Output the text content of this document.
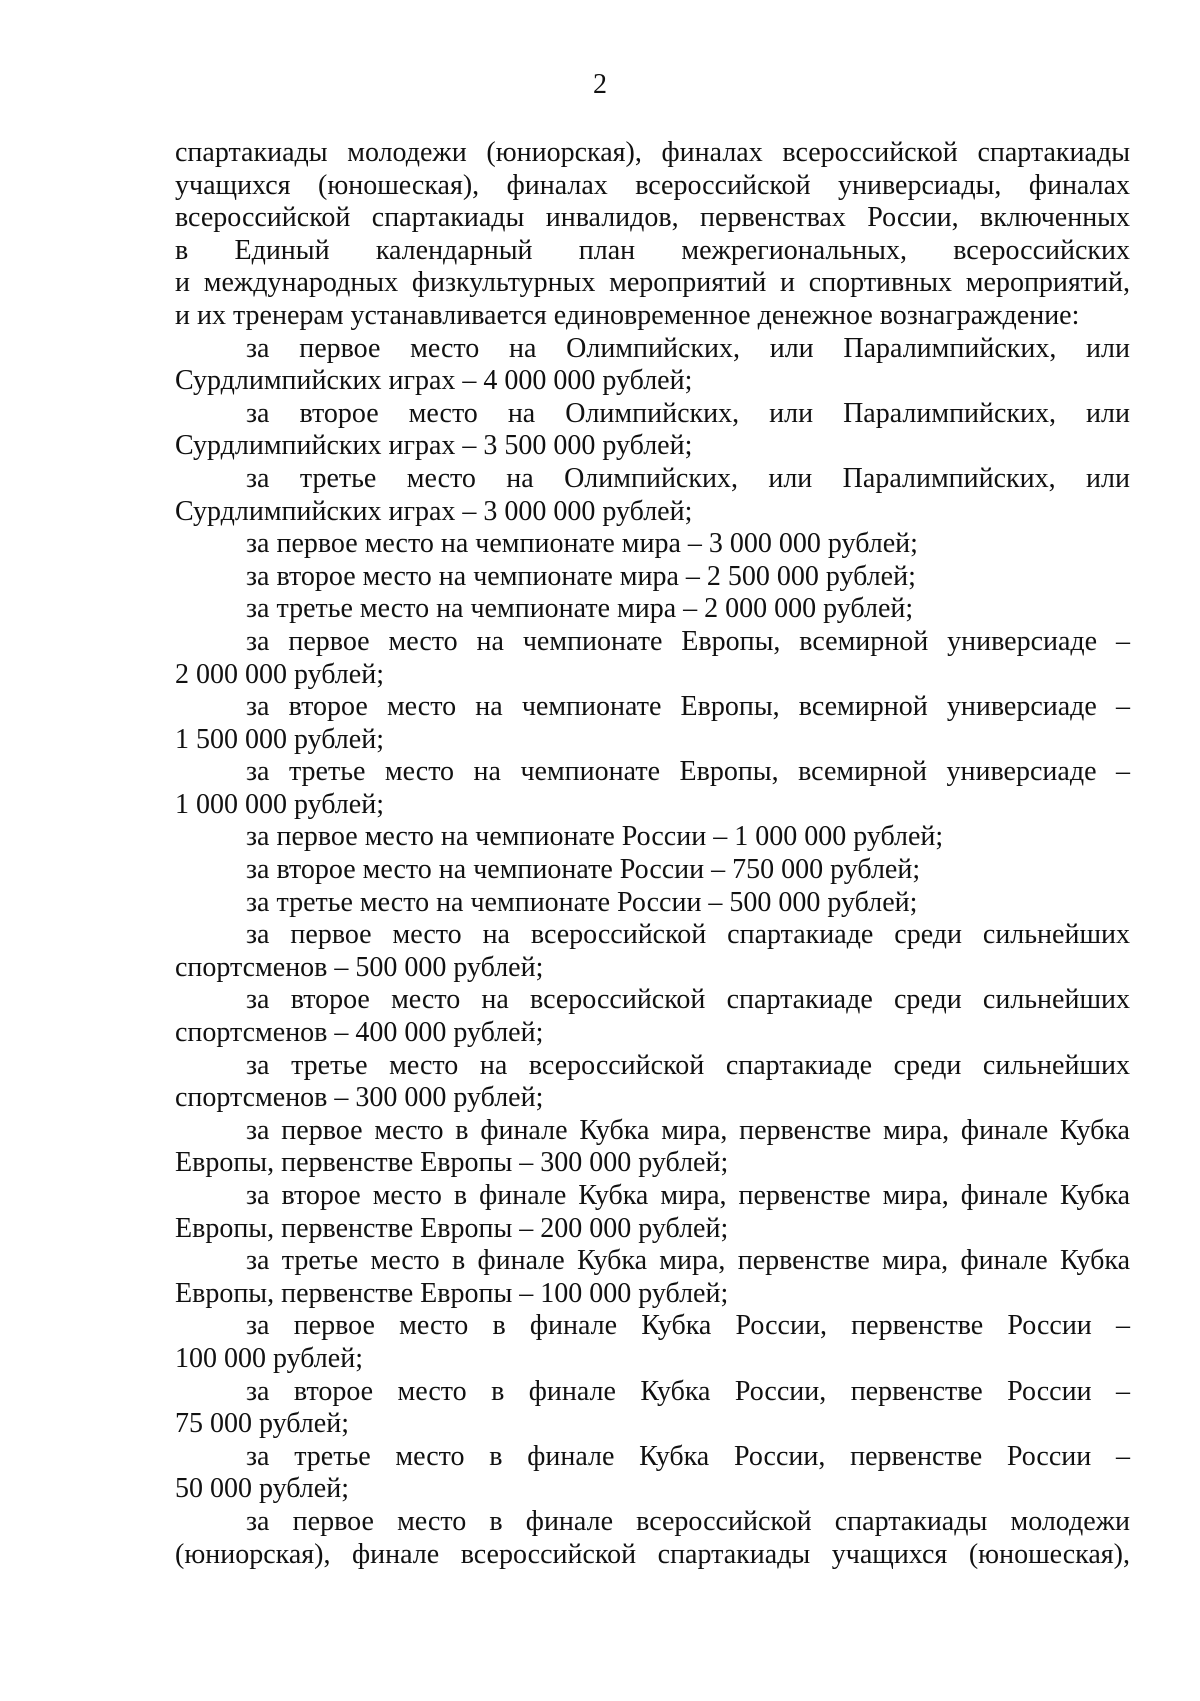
2

спартакиады молодежи (юниорская), финалах всероссийской спартакиады
учащихся (юношеская), финалах всероссийской универсиады, финалах
всероссийской спартакиады инвалидов, первенствах России, включенных
в Единый календарный план межрегиональных, всероссийских
и международных физкультурных мероприятий и спортивных мероприятий,
и их тренерам устанавливается единовременное денежное вознаграждение:

за первое место на Олимпийских, или Паралимпийских, или
Сурдлимпийских играх – 4 000 000 рублей;

за второе место на Олимпийских, или Паралимпийских, или
Сурдлимпийских играх – 3 500 000 рублей;

за третье место на Олимпийских, или Паралимпийских, или
Сурдлимпийских играх – 3 000 000 рублей;

за первое место на чемпионате мира – 3 000 000 рублей;

за второе место на чемпионате мира – 2 500 000 рублей;

за третье место на чемпионате мира – 2 000 000 рублей;

за первое место на чемпионате Европы, всемирной универсиаде –
2 000 000 рублей;

за второе место на чемпионате Европы, всемирной универсиаде –
1 500 000 рублей;

за третье место на чемпионате Европы, всемирной универсиаде –
1 000 000 рублей;

за первое место на чемпионате России – 1 000 000 рублей;

за второе место на чемпионате России – 750 000 рублей;

за третье место на чемпионате России – 500 000 рублей;

за первое место на всероссийской спартакиаде среди сильнейших
спортсменов – 500 000 рублей;

за второе место на всероссийской спартакиаде среди сильнейших
спортсменов – 400 000 рублей;

за третье место на всероссийской спартакиаде среди сильнейших
спортсменов – 300 000 рублей;

за первое место в финале Кубка мира, первенстве мира, финале Кубка
Европы, первенстве Европы – 300 000 рублей;

за второе место в финале Кубка мира, первенстве мира, финале Кубка
Европы, первенстве Европы – 200 000 рублей;

за третье место в финале Кубка мира, первенстве мира, финале Кубка
Европы, первенстве Европы – 100 000 рублей;

за первое место в финале Кубка России, первенстве России –
100 000 рублей;

за второе место в финале Кубка России, первенстве России –
75 000 рублей;

за третье место в финале Кубка России, первенстве России –
50 000 рублей;

за первое место в финале всероссийской спартакиады молодежи
(юниорская), финале всероссийской спартакиады учащихся (юношеская),
